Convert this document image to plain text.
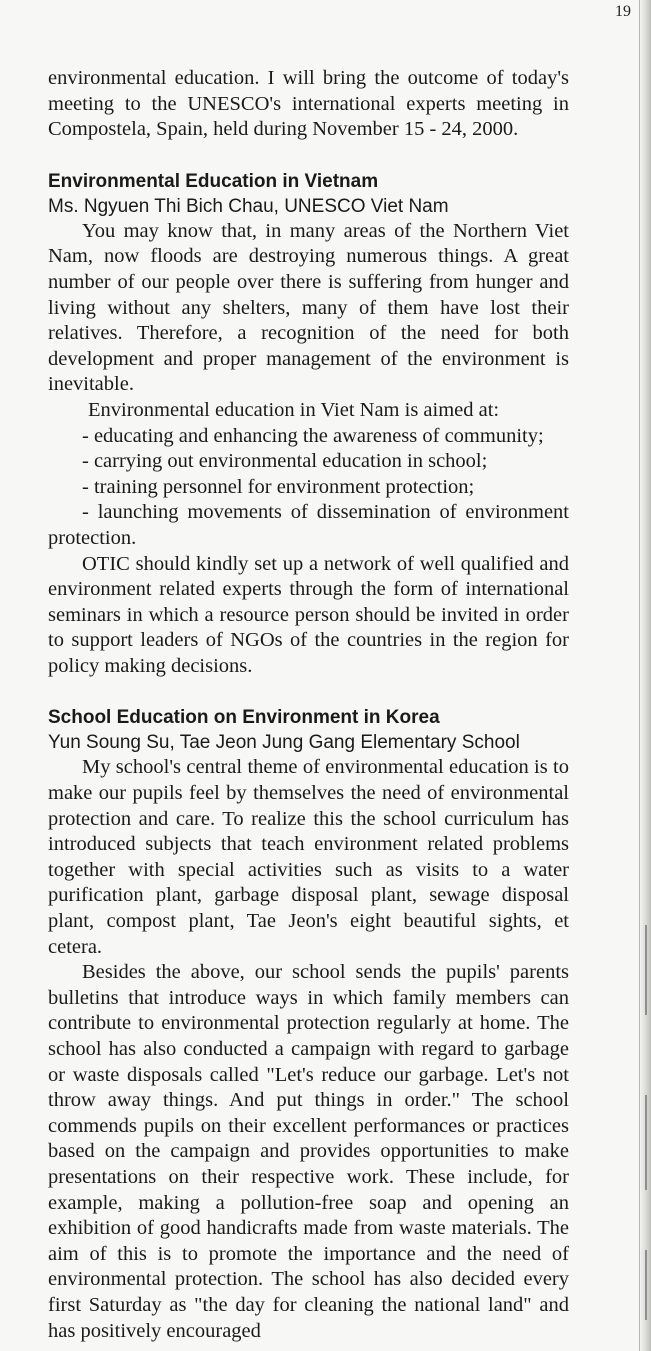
19

environmental education. I will bring the outcome of today's meeting to the UNESCO's international experts meeting in Compostela, Spain, held during November 15 - 24, 2000.

Environmental Education in Vietnam
Ms. Ngyuen Thi Bich Chau, UNESCO Viet Nam

You may know that, in many areas of the Northern Viet Nam, now floods are destroying numerous things. A great number of our people over there is suffering from hunger and living without any shelters, many of them have lost their relatives. Therefore, a recognition of the need for both development and proper management of the environment is inevitable.

Environmental education in Viet Nam is aimed at:

- educating and enhancing the awareness of community;

- carrying out environmental education in school;

- training personnel for environment protection;

- launching movements of dissemination of environment protection.

OTIC should kindly set up a network of well qualified and environment related experts through the form of international seminars in which a resource person should be invited in order to support leaders of NGOs of the countries in the region for policy making decisions.

School Education on Environment in Korea
Yun Soung Su, Tae Jeon Jung Gang Elementary School

My school's central theme of environmental education is to make our pupils feel by themselves the need of environmental protection and care. To realize this the school curriculum has introduced subjects that teach environment related problems together with special activities such as visits to a water purification plant, garbage disposal plant, sewage disposal plant, compost plant, Tae Jeon's eight beautiful sights, et cetera.

Besides the above, our school sends the pupils' parents bulletins that introduce ways in which family members can contribute to environmental protection regularly at home. The school has also conducted a campaign with regard to garbage or waste disposals called "Let's reduce our garbage. Let's not throw away things. And put things in order." The school commends pupils on their excellent performances or practices based on the campaign and provides opportunities to make presentations on their respective work. These include, for example, making a pollution-free soap and opening an exhibition of good handicrafts made from waste materials. The aim of this is to promote the importance and the need of environmental protection. The school has also decided every first Saturday as "the day for cleaning the national land" and has positively encouraged
